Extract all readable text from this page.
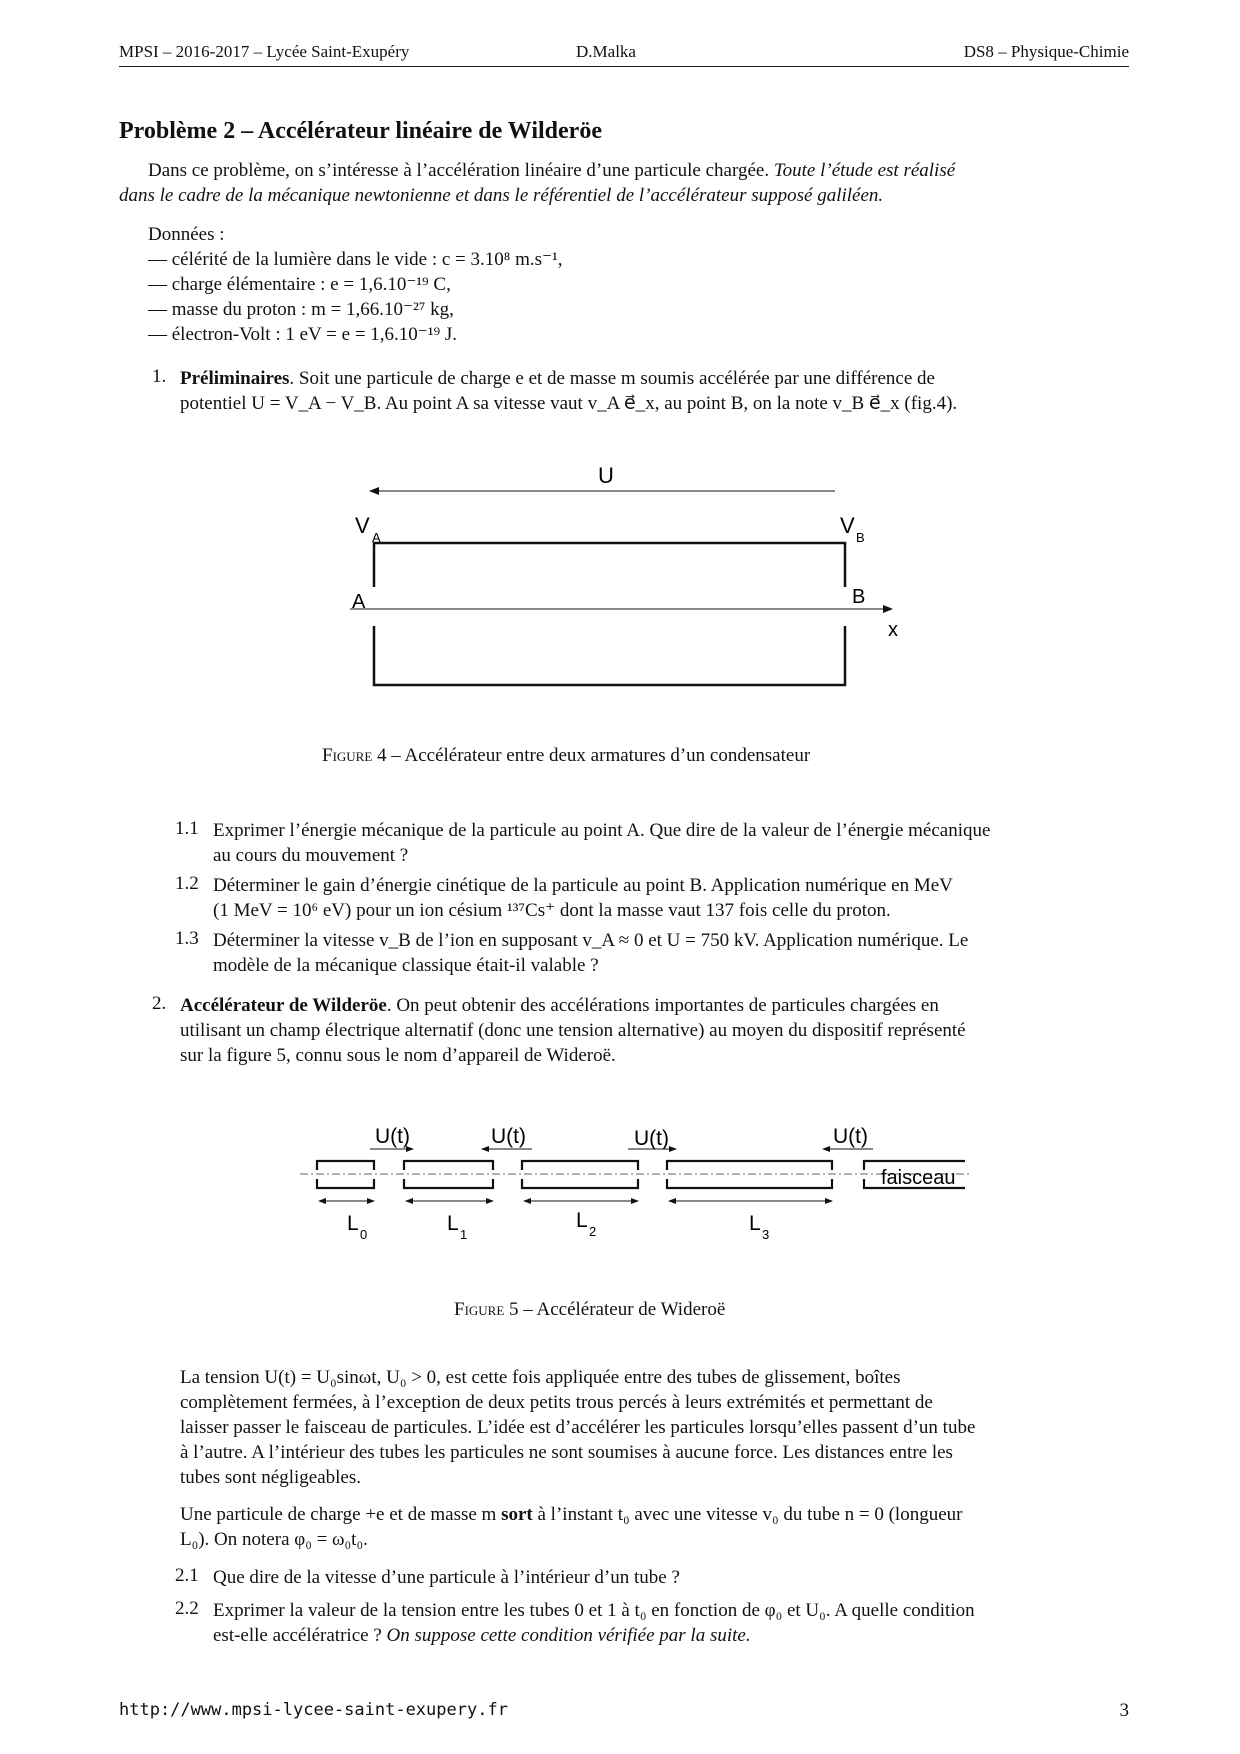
MPSI – 2016-2017 – Lycée Saint-Exupéry	D.Malka	DS8 – Physique-Chimie
Problème 2 – Accélérateur linéaire de Wilderöe
Dans ce problème, on s’intéresse à l’accélération linéaire d’une particule chargée. Toute l’étude est réalisé
dans le cadre de la mécanique newtonienne et dans le référentiel de l’accélérateur supposé galiléen.
Données :
— célérité de la lumière dans le vide : c = 3.10⁸ m.s⁻¹,
— charge élémentaire : e = 1,6.10⁻¹⁹ C,
— masse du proton : m = 1,66.10⁻²⁷ kg,
— électron-Volt : 1 eV = e = 1,6.10⁻¹⁹ J.
1. Préliminaires. Soit une particule de charge e et de masse m soumis accélérée par une différence de
potentiel U = V_A − V_B. Au point A sa vitesse vaut v_A e⃗_x, au point B, on la note v_B e⃗_x (fig.4).
U
V A	V B
A	B
x
Figure 4 – Accélérateur entre deux armatures d’un condensateur
1.1 Exprimer l’énergie mécanique de la particule au point A. Que dire de la valeur de l’énergie mécanique
au cours du mouvement ?
1.2 Déterminer le gain d’énergie cinétique de la particule au point B. Application numérique en MeV
(1 MeV = 10⁶ eV) pour un ion césium ¹³⁷Cs⁺ dont la masse vaut 137 fois celle du proton.
1.3 Déterminer la vitesse v_B de l’ion en supposant v_A ≈ 0 et U = 750 kV. Application numérique. Le
modèle de la mécanique classique était-il valable ?
2. Accélérateur de Wilderöe. On peut obtenir des accélérations importantes de particules chargées en
utilisant un champ électrique alternatif (donc une tension alternative) au moyen du dispositif représenté
sur la figure 5, connu sous le nom d’appareil de Wideroë.
U(t)	U(t)	U(t)	U(t)
L 0	L 1
L 2	L 3
faisceau
Figure 5 – Accélérateur de Wideroë
La tension U(t) = U₀sinωt, U₀ > 0, est cette fois appliquée entre des tubes de glissement, boîtes
complètement fermées, à l’exception de deux petits trous percés à leurs extrémités et permettant de
laisser passer le faisceau de particules. L’idée est d’accélérer les particules lorsqu’elles passent d’un tube
à l’autre. A l’intérieur des tubes les particules ne sont soumises à aucune force. Les distances entre les
tubes sont négligeables.
Une particule de charge +e et de masse m sort à l’instant t₀ avec une vitesse v₀ du tube n = 0 (longueur
L₀). On notera φ₀ = ω₀t₀.
2.1 Que dire de la vitesse d’une particule à l’intérieur d’un tube ?
2.2 Exprimer la valeur de la tension entre les tubes 0 et 1 à t₀ en fonction de φ₀ et U₀. A quelle condition
est-elle accélératrice ? On suppose cette condition vérifiée par la suite.
http://www.mpsi-lycee-saint-exupery.fr	3
